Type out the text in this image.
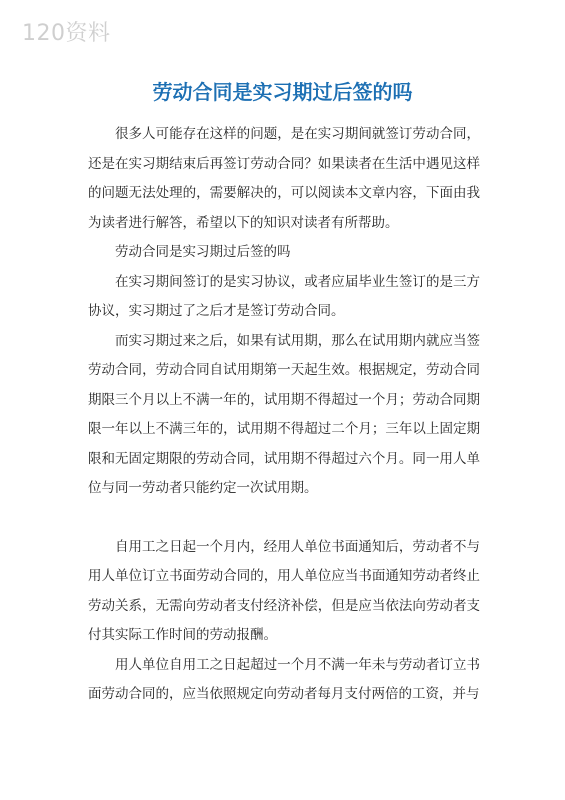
120资料
劳动合同是实习期过后签的吗

很多人可能存在这样的问题，是在实习期间就签订劳动合同，还是在实习期结束后再签订劳动合同？如果读者在生活中遇见这样的问题无法处理的，需要解决的，可以阅读本文章内容，下面由我为读者进行解答，希望以下的知识对读者有所帮助。

劳动合同是实习期过后签的吗

在实习期间签订的是实习协议，或者应届毕业生签订的是三方协议，实习期过了之后才是签订劳动合同。

而实习期过来之后，如果有试用期，那么在试用期内就应当签劳动合同，劳动合同自试用期第一天起生效。根据规定，劳动合同期限三个月以上不满一年的，试用期不得超过一个月；劳动合同期限一年以上不满三年的，试用期不得超过二个月；三年以上固定期限和无固定期限的劳动合同，试用期不得超过六个月。同一用人单位与同一劳动者只能约定一次试用期。

自用工之日起一个月内，经用人单位书面通知后，劳动者不与用人单位订立书面劳动合同的，用人单位应当书面通知劳动者终止劳动关系，无需向劳动者支付经济补偿，但是应当依法向劳动者支付其实际工作时间的劳动报酬。

用人单位自用工之日起超过一个月不满一年未与劳动者订立书面劳动合同的，应当依照规定向劳动者每月支付两倍的工资，并与
